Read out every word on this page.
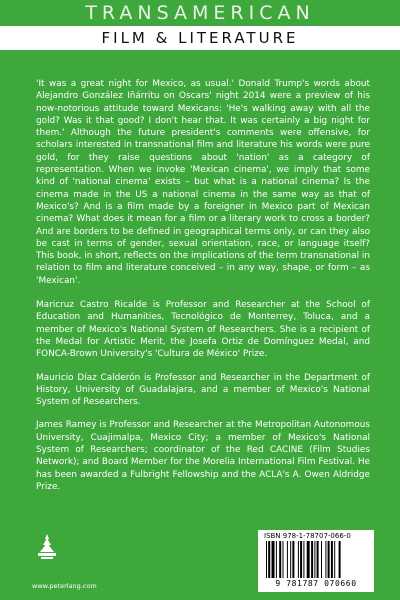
TRANSAMERICAN
FILM & LITERATURE

'It was a great night for Mexico, as usual.' Donald Trump's words about Alejandro González Iñárritu on Oscars' night 2014 were a preview of his now-notorious attitude toward Mexicans: 'He's walking away with all the gold? Was it that good? I don't hear that. It was certainly a big night for them.' Although the future president's comments were offensive, for scholars interested in transnational film and literature his words were pure gold, for they raise questions about 'nation' as a category of representation. When we invoke 'Mexican cinema', we imply that some kind of 'national cinema' exists – but what is a national cinema? Is the cinema made in the US a national cinema in the same way as that of Mexico's? And is a film made by a foreigner in Mexico part of Mexican cinema? What does it mean for a film or a literary work to cross a border? And are borders to be defined in geographical terms only, or can they also be cast in terms of gender, sexual orientation, race, or language itself? This book, in short, reflects on the implications of the term transnational in relation to film and literature conceived – in any way, shape, or form – as 'Mexican'.

Maricruz Castro Ricalde is Professor and Researcher at the School of Education and Humanities, Tecnológico de Monterrey, Toluca, and a member of Mexico's National System of Researchers. She is a recipient of the Medal for Artistic Merit, the Josefa Ortiz de Domínguez Medal, and FONCA-Brown University's 'Cultura de México' Prize.

Mauricio Díaz Calderón is Professor and Researcher in the Department of History, University of Guadalajara, and a member of Mexico's National System of Researchers.

James Ramey is Professor and Researcher at the Metropolitan Autonomous University, Cuajimalpa, Mexico City; a member of Mexico's National System of Researchers; coordinator of the Red CACINE (Film Studies Network); and Board Member for the Morelia International Film Festival. He has been awarded a Fulbright Fellowship and the ACLA's A. Owen Aldridge Prize.

www.peterlang.com
ISBN 978-1-78707-066-0
9 781787 070660
